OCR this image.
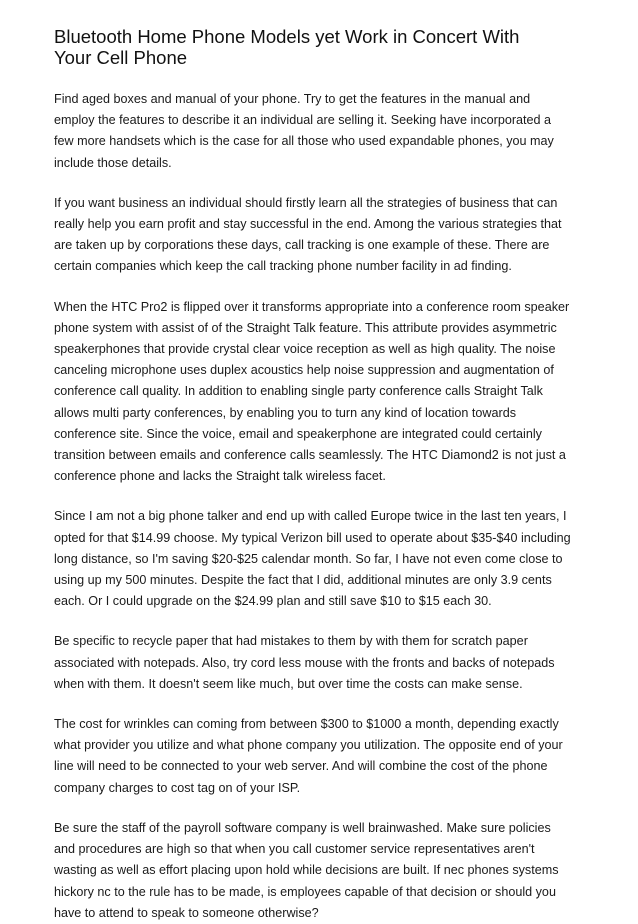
Bluetooth Home Phone Models yet Work in Concert With
Your Cell Phone

Find aged boxes and manual of your phone. Try to get the features in the manual and
employ the features to describe it an individual are selling it. Seeking have incorporated a
few more handsets which is the case for all those who used expandable phones, you may
include those details.

If you want business an individual should firstly learn all the strategies of business that can
really help you earn profit and stay successful in the end. Among the various strategies that
are taken up by corporations these days, call tracking is one example of these. There are
certain companies which keep the call tracking phone number facility in ad finding.

When the HTC Pro2 is flipped over it transforms appropriate into a conference room speaker
phone system with assist of of the Straight Talk feature. This attribute provides asymmetric
speakerphones that provide crystal clear voice reception as well as high quality. The noise
canceling microphone uses duplex acoustics help noise suppression and augmentation of
conference call quality. In addition to enabling single party conference calls Straight Talk
allows multi party conferences, by enabling you to turn any kind of location towards
conference site. Since the voice, email and speakerphone are integrated could certainly
transition between emails and conference calls seamlessly. The HTC Diamond2 is not just a
conference phone and lacks the Straight talk wireless facet.

Since I am not a big phone talker and end up with called Europe twice in the last ten years, I
opted for that $14.99 choose. My typical Verizon bill used to operate about $35-$40 including
long distance, so I'm saving $20-$25 calendar month. So far, I have not even come close to
using up my 500 minutes. Despite the fact that I did, additional minutes are only 3.9 cents
each. Or I could upgrade on the $24.99 plan and still save $10 to $15 each 30.

Be specific to recycle paper that had mistakes to them by with them for scratch paper
associated with notepads. Also, try cord less mouse with the fronts and backs of notepads
when with them. It doesn't seem like much, but over time the costs can make sense.

The cost for wrinkles can coming from between $300 to $1000 a month, depending exactly
what provider you utilize and what phone company you utilization. The opposite end of your
line will need to be connected to your web server. And will combine the cost of the phone
company charges to cost tag on of your ISP.

Be sure the staff of the payroll software company is well brainwashed. Make sure policies
and procedures are high so that when you call customer service representatives aren't
wasting as well as effort placing upon hold while decisions are built. If nec phones systems
hickory nc to the rule has to be made, is employees capable of that decision or should you
have to attend to speak to someone otherwise?
